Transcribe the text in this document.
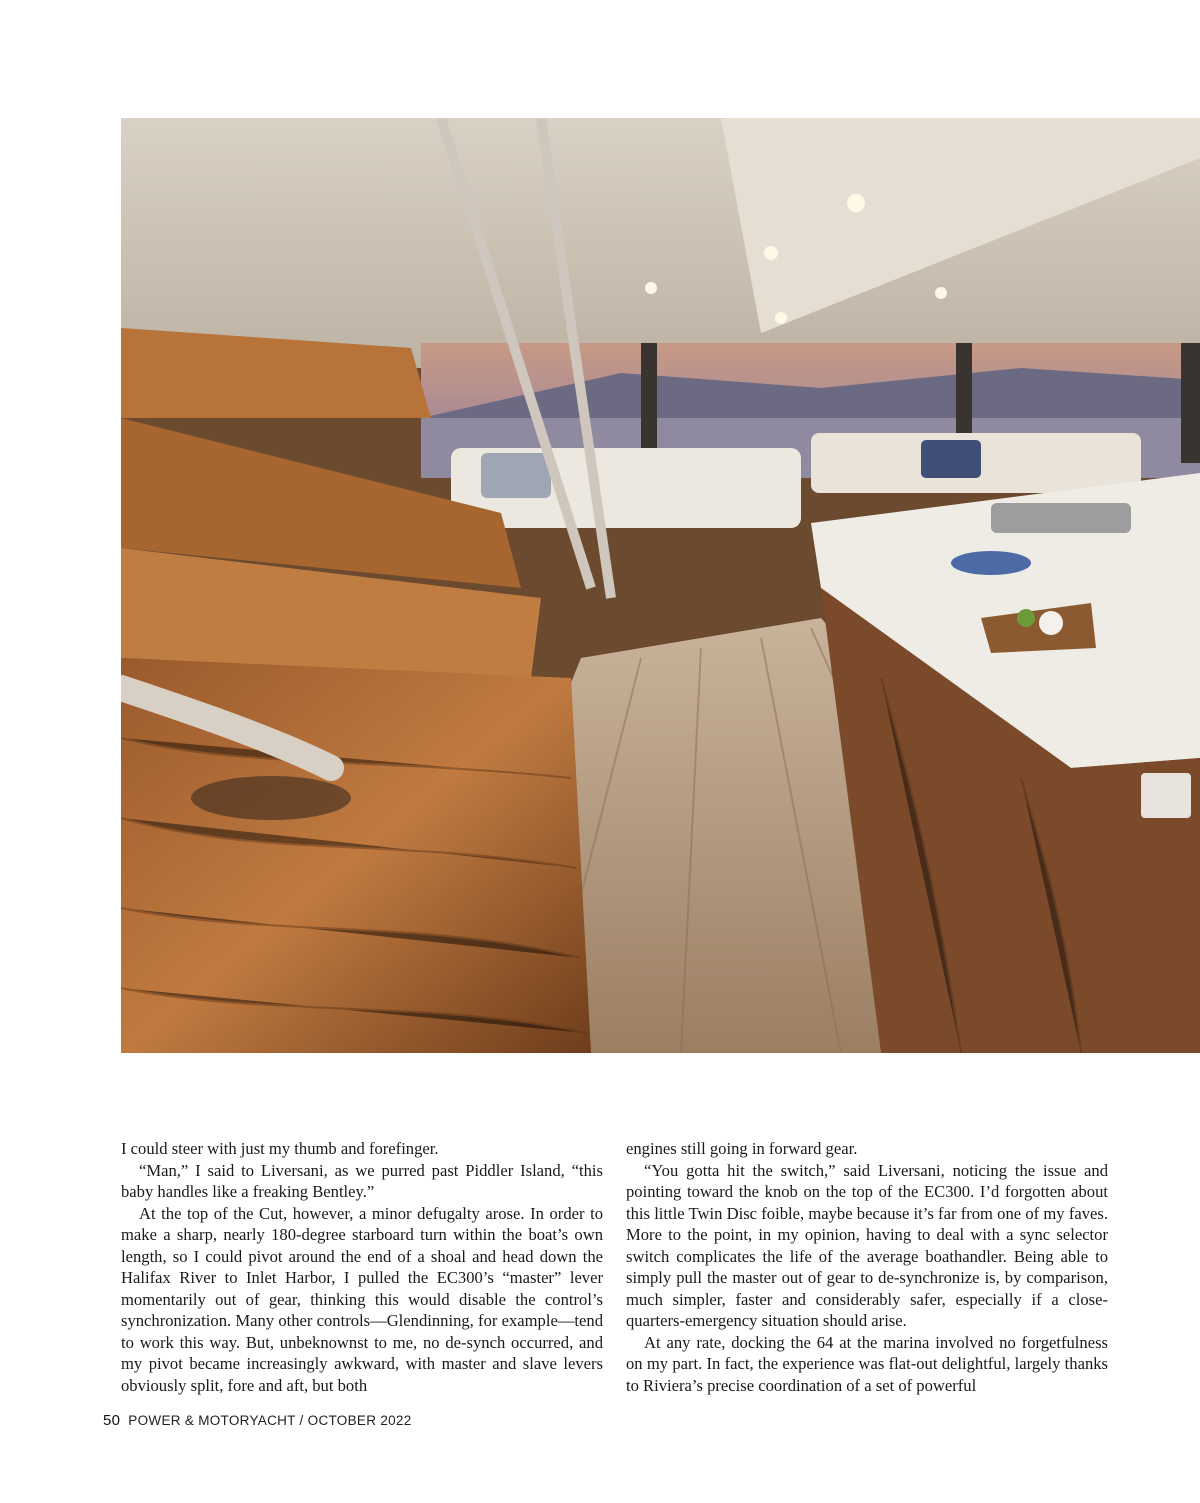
I could steer with just my thumb and forefinger.

“Man,” I said to Liversani, as we purred past Piddler Island, “this baby handles like a freaking Bentley.”

At the top of the Cut, however, a minor defugalty arose. In order to make a sharp, nearly 180-degree starboard turn within the boat’s own length, so I could pivot around the end of a shoal and head down the Halifax River to Inlet Harbor, I pulled the EC300’s “master” lever momentarily out of gear, thinking this would disable the control’s synchronization. Many other controls—Glendinning, for example—tend to work this way. But, unbeknownst to me, no de-synch occurred, and my pivot became increasingly awkward, with master and slave levers obviously split, fore and aft, but both

engines still going in forward gear.

“You gotta hit the switch,” said Liversani, noticing the issue and pointing toward the knob on the top of the EC300. I’d forgotten about this little Twin Disc foible, maybe because it’s far from one of my faves. More to the point, in my opinion, having to deal with a sync selector switch complicates the life of the average boathandler. Being able to simply pull the master out of gear to de-synchronize is, by comparison, much simpler, faster and considerably safer, especially if a close-quarters-emergency situation should arise.

At any rate, docking the 64 at the marina involved no forgetfulness on my part. In fact, the experience was flat-out delightful, largely thanks to Riviera’s precise coordination of a set of powerful

50 POWER & MOTORYACHT / OCTOBER 2022
